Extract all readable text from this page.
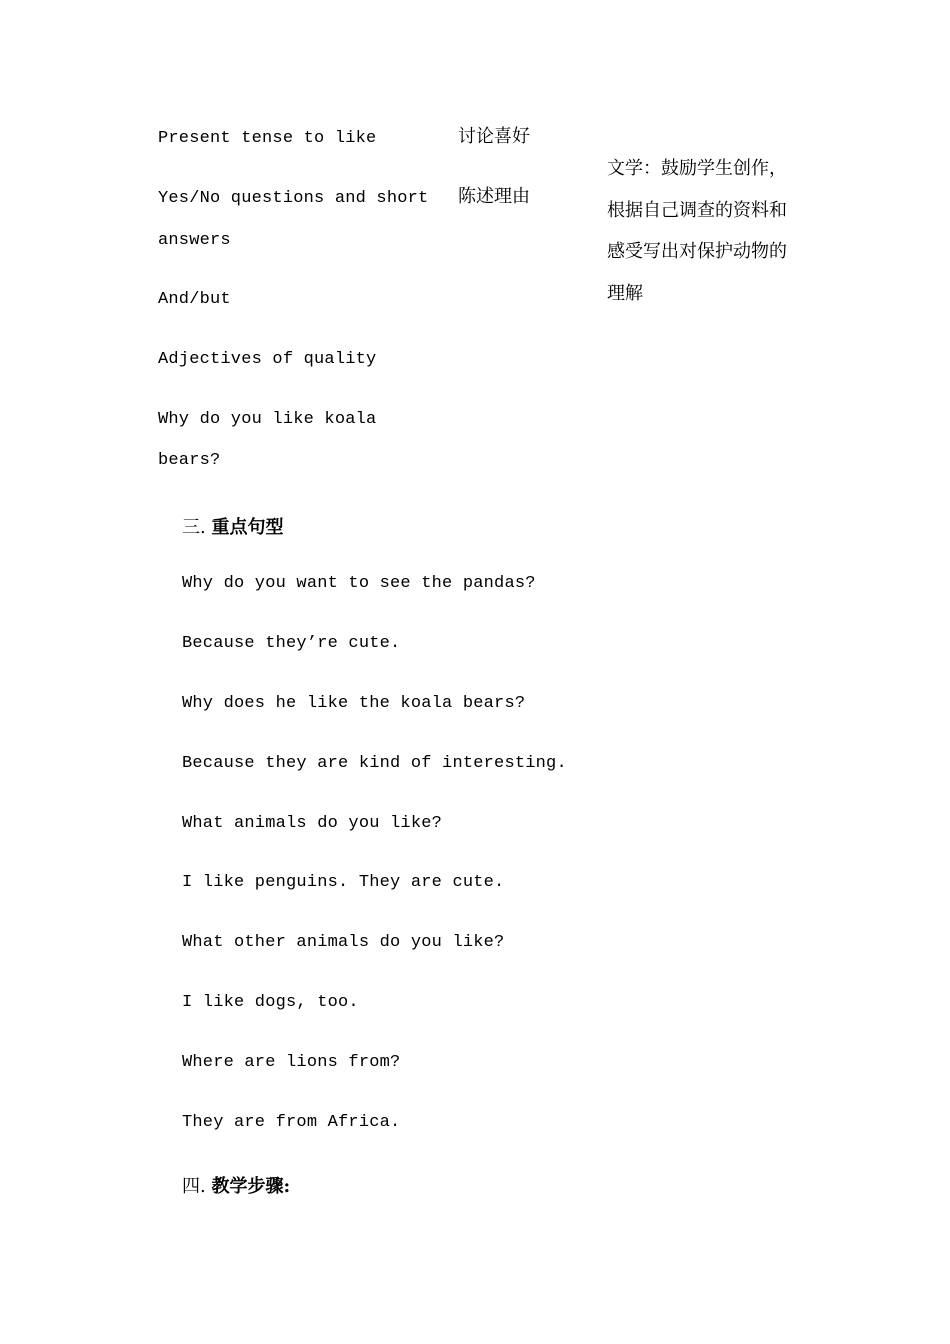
Present tense to like
Yes/No questions and short
answers
And/but
Adjectives of quality
Why do you like koala
bears?
讨论喜好
陈述理由
文学：鼓励学生创作，根据自己调查的资料和感受写出对保护动物的理解
三. 重点句型
Why do you want to see the pandas?
Because they’re cute.
Why does he like the koala bears?
Because they are kind of interesting.
What animals do you like?
I like penguins. They are cute.
What other animals do you like?
I like dogs, too.
Where are lions from?
They are from Africa.
四. 教学步骤:
